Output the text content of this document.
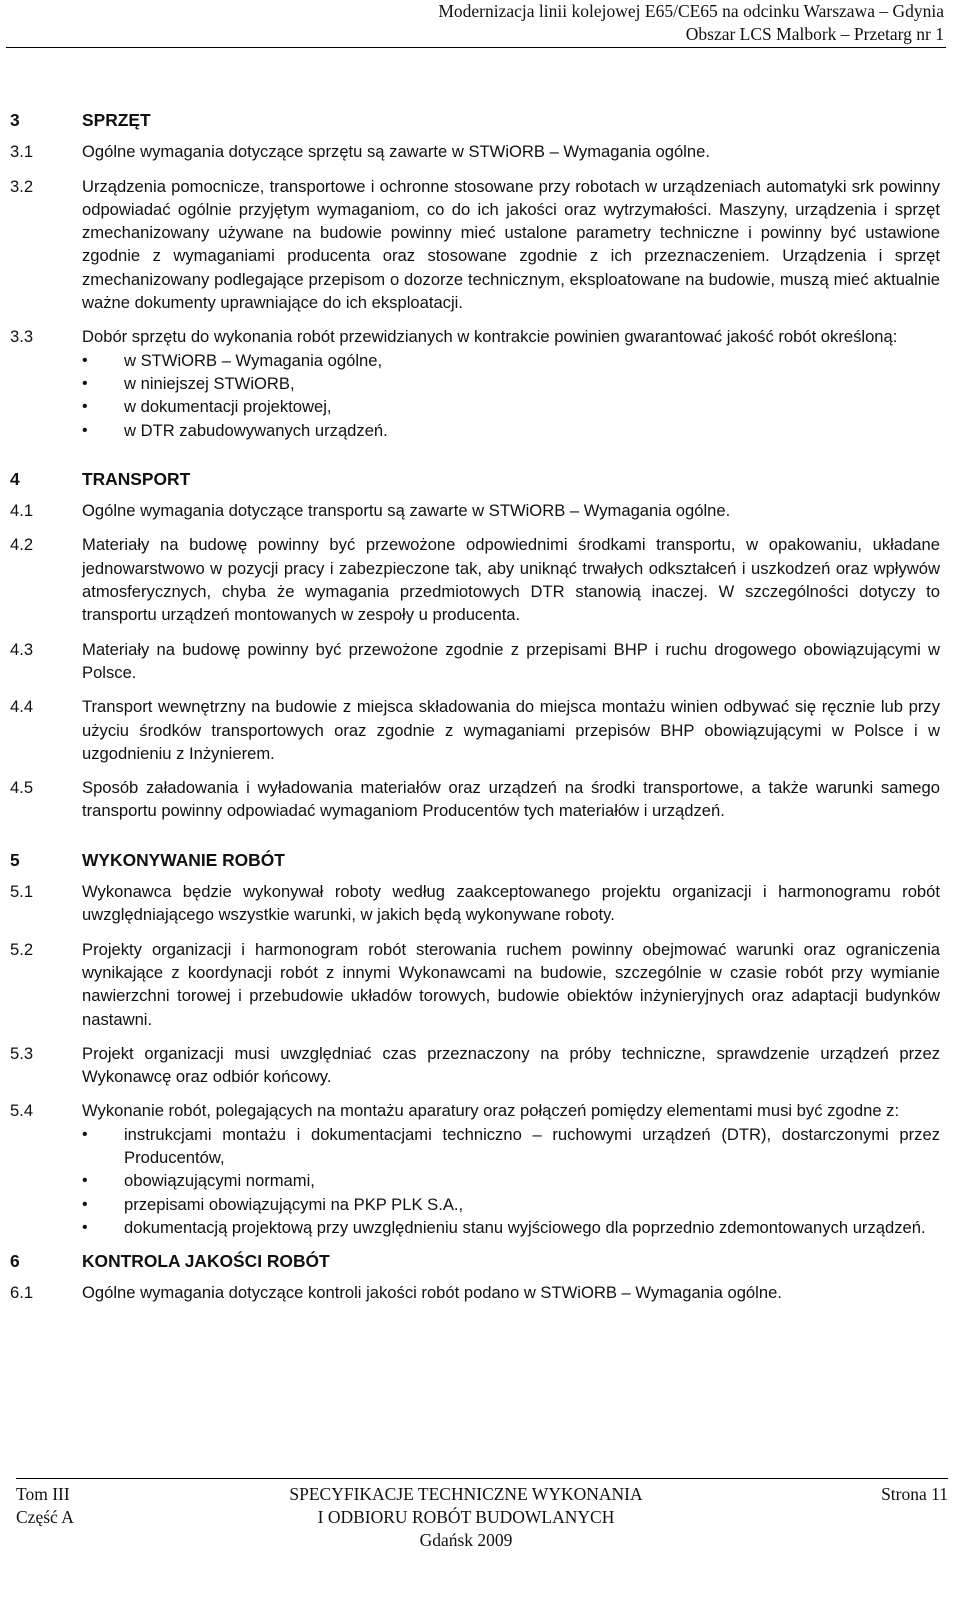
Modernizacja linii kolejowej E65/CE65 na odcinku Warszawa – Gdynia
Obszar LCS Malbork – Przetarg nr 1
3	SPRZĘT
3.1	Ogólne wymagania dotyczące sprzętu są zawarte w STWiORB – Wymagania ogólne.
3.2	Urządzenia pomocnicze, transportowe i ochronne stosowane przy robotach w urządzeniach automatyki srk powinny odpowiadać ogólnie przyjętym wymaganiom, co do ich jakości oraz wytrzymałości. Maszyny, urządzenia i sprzęt zmechanizowany używane na budowie powinny mieć ustalone parametry techniczne i powinny być ustawione zgodnie z wymaganiami producenta oraz stosowane zgodnie z ich przeznaczeniem. Urządzenia i sprzęt zmechanizowany podlegające przepisom o dozorze technicznym, eksploatowane na budowie, muszą mieć aktualnie ważne dokumenty uprawniające do ich eksploatacji.
3.3	Dobór sprzętu do wykonania robót przewidzianych w kontrakcie powinien gwarantować jakość robót określoną:
• w STWiORB – Wymagania ogólne,
• w niniejszej STWiORB,
• w dokumentacji projektowej,
• w DTR zabudowywanych urządzeń.
4	TRANSPORT
4.1	Ogólne wymagania dotyczące transportu są zawarte w STWiORB – Wymagania ogólne.
4.2	Materiały na budowę powinny być przewożone odpowiednimi środkami transportu, w opakowaniu, układane jednowarstwowo w pozycji pracy i zabezpieczone tak, aby uniknąć trwałych odkształceń i uszkodzeń oraz wpływów atmosferycznych, chyba że wymagania przedmiotowych DTR stanowią inaczej. W szczególności dotyczy to transportu urządzeń montowanych w zespoły u producenta.
4.3	Materiały na budowę powinny być przewożone zgodnie z przepisami BHP i ruchu drogowego obowiązującymi w Polsce.
4.4	Transport wewnętrzny na budowie z miejsca składowania do miejsca montażu winien odbywać się ręcznie lub przy użyciu środków transportowych oraz zgodnie z wymaganiami przepisów BHP obowiązującymi w Polsce i w uzgodnieniu z Inżynierem.
4.5	Sposób załadowania i wyładowania materiałów oraz urządzeń na środki transportowe, a także warunki samego transportu powinny odpowiadać wymaganiom Producentów tych materiałów i urządzeń.
5	WYKONYWANIE ROBÓT
5.1	Wykonawca będzie wykonywał roboty według zaakceptowanego projektu organizacji i harmonogramu robót uwzględniającego wszystkie warunki, w jakich będą wykonywane roboty.
5.2	Projekty organizacji i harmonogram robót sterowania ruchem powinny obejmować warunki oraz ograniczenia wynikające z koordynacji robót z innymi Wykonawcami na budowie, szczególnie w czasie robót przy wymianie nawierzchni torowej i przebudowie układów torowych, budowie obiektów inżynieryjnych oraz adaptacji budynków nastawni.
5.3	Projekt organizacji musi uwzględniać czas przeznaczony na próby techniczne, sprawdzenie urządzeń przez Wykonawcę oraz odbiór końcowy.
5.4	Wykonanie robót, polegających na montażu aparatury oraz połączeń pomiędzy elementami musi być zgodne z:
• instrukcjami montażu i dokumentacjami techniczno – ruchowymi urządzeń (DTR), dostarczonymi przez Producentów,
• obowiązującymi normami,
• przepisami obowiązującymi na PKP PLK S.A.,
• dokumentacją projektową przy uwzględnieniu stanu wyjściowego dla poprzednio zdemontowanych urządzeń.
6	KONTROLA JAKOŚCI ROBÓT
6.1	Ogólne wymagania dotyczące kontroli jakości robót podano w STWiORB – Wymagania ogólne.
Tom III
Część A
SPECYFIKACJE TECHNICZNE WYKONANIA
I ODBIORU ROBÓT BUDOWLANYCH
Gdańsk 2009
Strona 11
